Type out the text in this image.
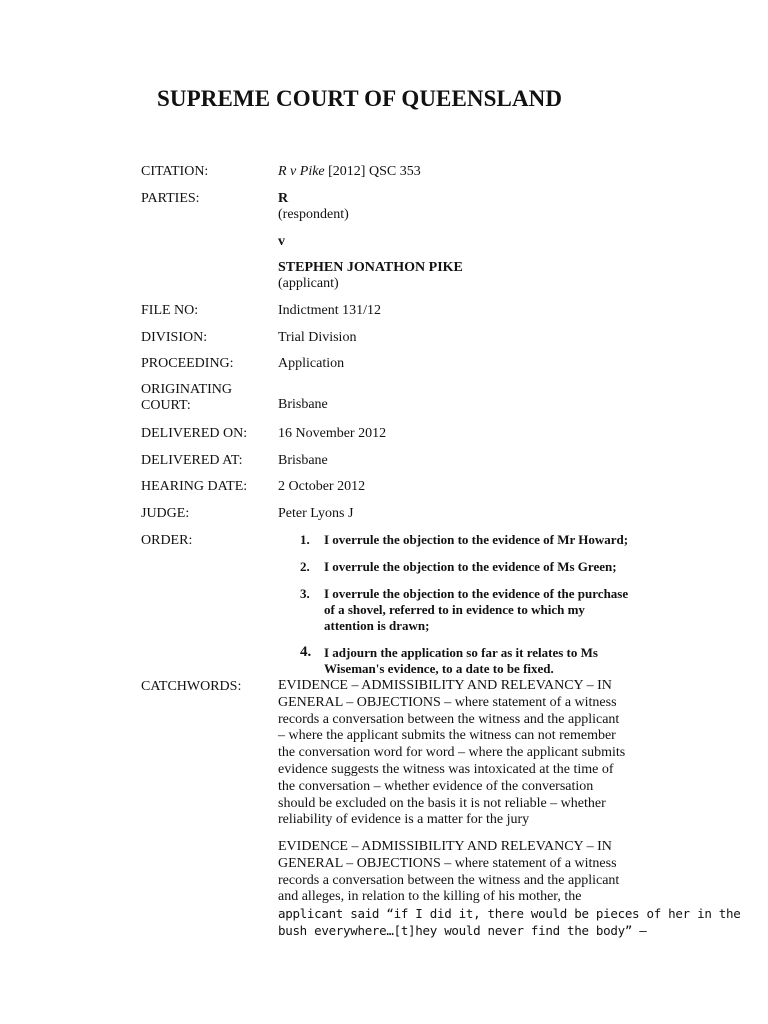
SUPREME COURT OF QUEENSLAND
CITATION:	R v Pike [2012] QSC 353
PARTIES:	R
(respondent)
v
STEPHEN JONATHON PIKE
(applicant)
FILE NO:	Indictment 131/12
DIVISION:	Trial Division
PROCEEDING:	Application
ORIGINATING
COURT:	Brisbane
DELIVERED ON: 16 November 2012
DELIVERED AT:	Brisbane
HEARING DATE: 2 October 2012
JUDGE:	Peter Lyons J
ORDER:	1. I overrule the objection to the evidence of Mr Howard;
2. I overrule the objection to the evidence of Ms Green;
3. I overrule the objection to the evidence of the purchase
of a shovel, referred to in evidence to which my
attention is drawn;
4. I adjourn the application so far as it relates to Ms
Wiseman's evidence, to a date to be fixed.
CATCHWORDS:	EVIDENCE – ADMISSIBILITY AND RELEVANCY – IN
GENERAL – OBJECTIONS – where statement of a witness
records a conversation between the witness and the applicant
– where the applicant submits the witness can not remember
the conversation word for word – where the applicant submits
evidence suggests the witness was intoxicated at the time of
the conversation – whether evidence of the conversation
should be excluded on the basis it is not reliable – whether
reliability of evidence is a matter for the jury
EVIDENCE – ADMISSIBILITY AND RELEVANCY – IN
GENERAL – OBJECTIONS – where statement of a witness
records a conversation between the witness and the applicant
and alleges, in relation to the killing of his mother, the
applicant said “if I did it, there would be pieces of her in the
bush everywhere…[t]hey would never find the body” –
